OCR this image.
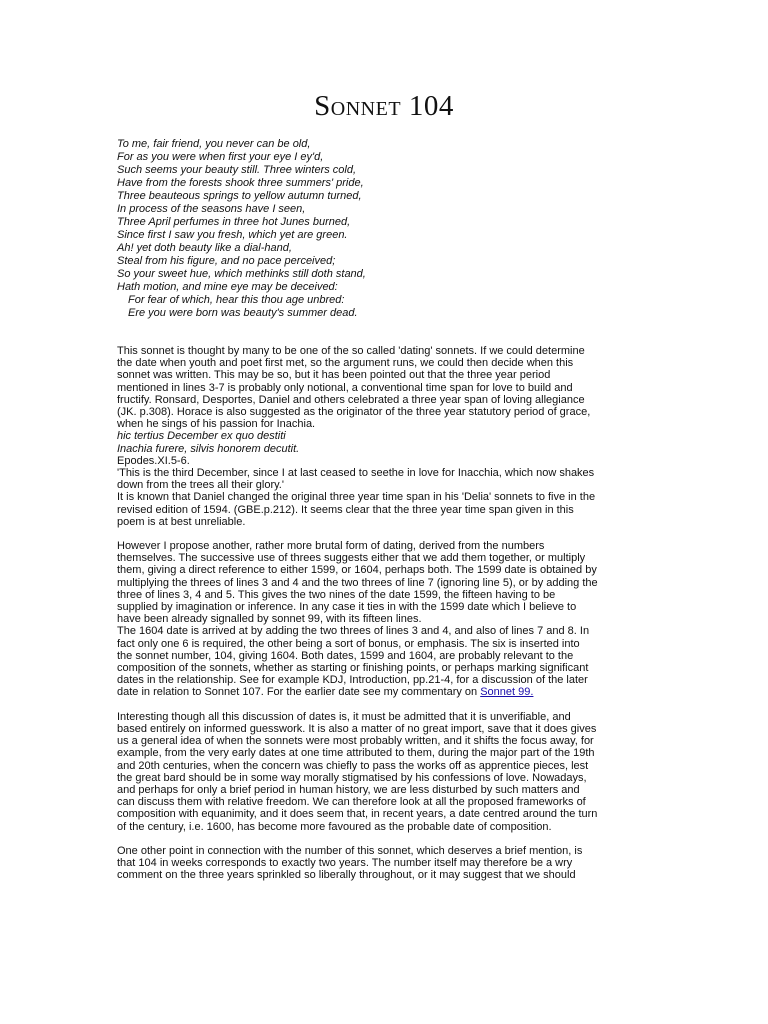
Sonnet 104
To me, fair friend, you never can be old,
For as you were when first your eye I ey'd,
Such seems your beauty still. Three winters cold,
Have from the forests shook three summers' pride,
Three beauteous springs to yellow autumn turned,
In process of the seasons have I seen,
Three April perfumes in three hot Junes burned,
Since first I saw you fresh, which yet are green.
Ah! yet doth beauty like a dial-hand,
Steal from his figure, and no pace perceived;
So your sweet hue, which methinks still doth stand,
Hath motion, and mine eye may be deceived:
For fear of which, hear this thou age unbred:
Ere you were born was beauty's summer dead.
This sonnet is thought by many to be one of the so called 'dating' sonnets. If we could determine
the date when youth and poet first met, so the argument runs, we could then decide when this
sonnet was written. This may be so, but it has been pointed out that the three year period
mentioned in lines 3-7 is probably only notional, a conventional time span for love to build and
fructify. Ronsard, Desportes, Daniel and others celebrated a three year span of loving allegiance
(JK. p.308). Horace is also suggested as the originator of the three year statutory period of grace,
when he sings of his passion for Inachia.
hic tertius December ex quo destiti
Inachia furere, silvis honorem decutit.
Epodes.XI.5-6.
'This is the third December, since I at last ceased to seethe in love for Inacchia, which now shakes
down from the trees all their glory.'
It is known that Daniel changed the original three year time span in his 'Delia' sonnets to five in the
revised edition of 1594. (GBE.p.212). It seems clear that the three year time span given in this
poem is at best unreliable.
However I propose another, rather more brutal form of dating, derived from the numbers
themselves. The successive use of threes suggests either that we add them together, or multiply
them, giving a direct reference to either 1599, or 1604, perhaps both. The 1599 date is obtained by
multiplying the threes of lines 3 and 4 and the two threes of line 7 (ignoring line 5), or by adding the
three of lines 3, 4 and 5. This gives the two nines of the date 1599, the fifteen having to be
supplied by imagination or inference. In any case it ties in with the 1599 date which I believe to
have been already signalled by sonnet 99, with its fifteen lines.
The 1604 date is arrived at by adding the two threes of lines 3 and 4, and also of lines 7 and 8. In
fact only one 6 is required, the other being a sort of bonus, or emphasis. The six is inserted into
the sonnet number, 104, giving 1604. Both dates, 1599 and 1604, are probably relevant to the
composition of the sonnets, whether as starting or finishing points, or perhaps marking significant
dates in the relationship. See for example KDJ, Introduction, pp.21-4, for a discussion of the later
date in relation to Sonnet 107. For the earlier date see my commentary on Sonnet 99.
Interesting though all this discussion of dates is, it must be admitted that it is unverifiable, and
based entirely on informed guesswork. It is also a matter of no great import, save that it does gives
us a general idea of when the sonnets were most probably written, and it shifts the focus away, for
example, from the very early dates at one time attributed to them, during the major part of the 19th
and 20th centuries, when the concern was chiefly to pass the works off as apprentice pieces, lest
the great bard should be in some way morally stigmatised by his confessions of love. Nowadays,
and perhaps for only a brief period in human history, we are less disturbed by such matters and
can discuss them with relative freedom. We can therefore look at all the proposed frameworks of
composition with equanimity, and it does seem that, in recent years, a date centred around the turn
of the century, i.e. 1600, has become more favoured as the probable date of composition.
One other point in connection with the number of this sonnet, which deserves a brief mention, is
that 104 in weeks corresponds to exactly two years. The number itself may therefore be a wry
comment on the three years sprinkled so liberally throughout, or it may suggest that we should
